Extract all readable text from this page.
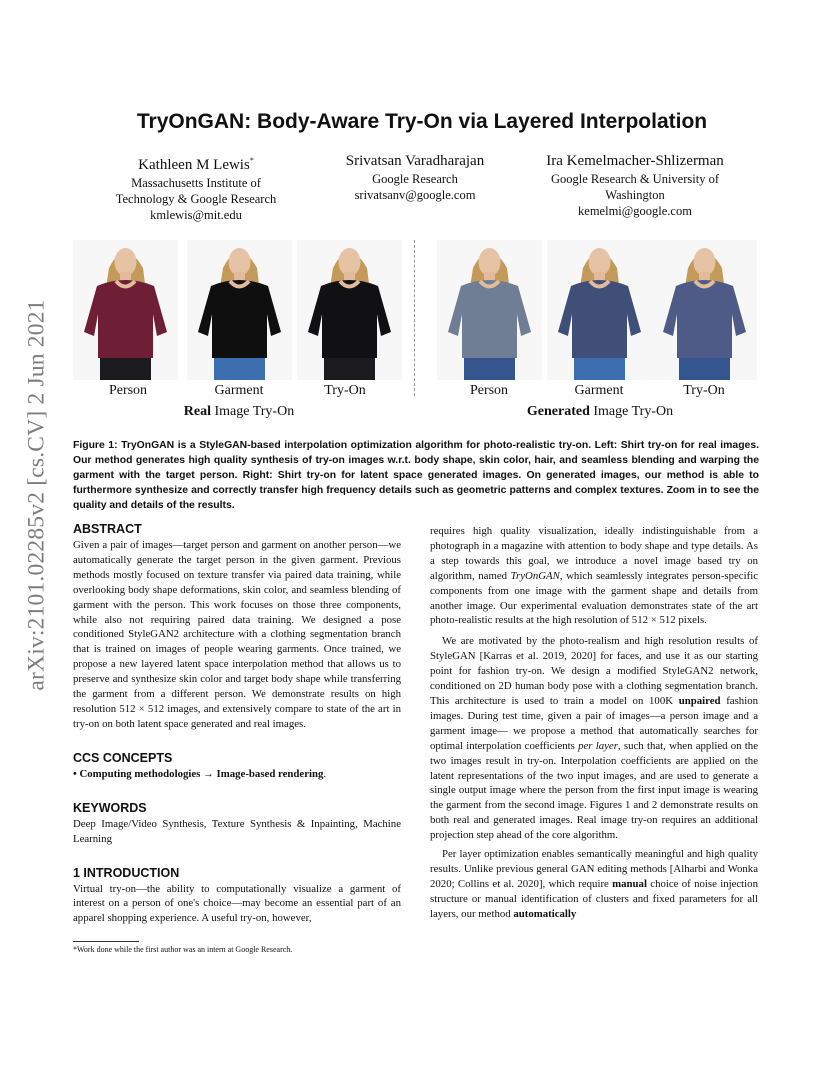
arXiv:2101.02285v2 [cs.CV] 2 Jun 2021
TryOnGAN: Body-Aware Try-On via Layered Interpolation
Kathleen M Lewis*
Massachusetts Institute of
Technology & Google Research
kmlewis@mit.edu
Srivatsan Varadharajan
Google Research
srivatsanv@google.com
Ira Kemelmacher-Shlizerman
Google Research & University of
Washington
kemelmi@google.com
Person	Garment	Try-On	Person	Garment	Try-On
Real Image Try-On	Generated Image Try-On

Figure 1: TryOnGAN is a StyleGAN-based interpolation optimization algorithm for photo-realistic try-on. Left: Shirt try-on for real images. Our method generates high quality synthesis of try-on images w.r.t. body shape, skin color, hair, and seamless blending and warping the garment with the target person. Right: Shirt try-on for latent space generated images. On generated images, our method is able to furthermore synthesize and correctly transfer high frequency details such as geometric patterns and complex textures. Zoom in to see the quality and details of the results.

ABSTRACT

Given a pair of images—target person and garment on another person—we automatically generate the target person in the given garment. Previous methods mostly focused on texture transfer via paired data training, while overlooking body shape deformations, skin color, and seamless blending of garment with the person. This work focuses on those three components, while also not requiring paired data training. We designed a pose conditioned StyleGAN2 architecture with a clothing segmentation branch that is trained on images of people wearing garments. Once trained, we propose a new layered latent space interpolation method that allows us to preserve and synthesize skin color and target body shape while transferring the garment from a different person. We demonstrate results on high resolution 512 × 512 images, and extensively compare to state of the art in try-on on both latent space generated and real images.

CCS CONCEPTS

• Computing methodologies → Image-based rendering.

KEYWORDS

Deep Image/Video Synthesis, Texture Synthesis & Inpainting, Machine Learning

1 INTRODUCTION

Virtual try-on—the ability to computationally visualize a garment of interest on a person of one's choice—may become an essential part of an apparel shopping experience. A useful try-on, however,

*Work done while the first author was an intern at Google Research.

requires high quality visualization, ideally indistinguishable from a photograph in a magazine with attention to body shape and type details. As a step towards this goal, we introduce a novel image based try on algorithm, named TryOnGAN, which seamlessly integrates person-specific components from one image with the garment shape and details from another image. Our experimental evaluation demonstrates state of the art photo-realistic results at the high resolution of 512 × 512 pixels.

We are motivated by the photo-realism and high resolution results of StyleGAN [Karras et al. 2019, 2020] for faces, and use it as our starting point for fashion try-on. We design a modified StyleGAN2 network, conditioned on 2D human body pose with a clothing segmentation branch. This architecture is used to train a model on 100K unpaired fashion images. During test time, given a pair of images—a person image and a garment image— we propose a method that automatically searches for optimal interpolation coefficients per layer, such that, when applied on the two images result in try-on. Interpolation coefficients are applied on the latent representations of the two input images, and are used to generate a single output image where the person from the first input image is wearing the garment from the second image. Figures 1 and 2 demonstrate results on both real and generated images. Real image try-on requires an additional projection step ahead of the core algorithm.

Per layer optimization enables semantically meaningful and high quality results. Unlike previous general GAN editing methods [Alharbi and Wonka 2020; Collins et al. 2020], which require manual choice of noise injection structure or manual identification of clusters and fixed parameters for all layers, our method automatically
